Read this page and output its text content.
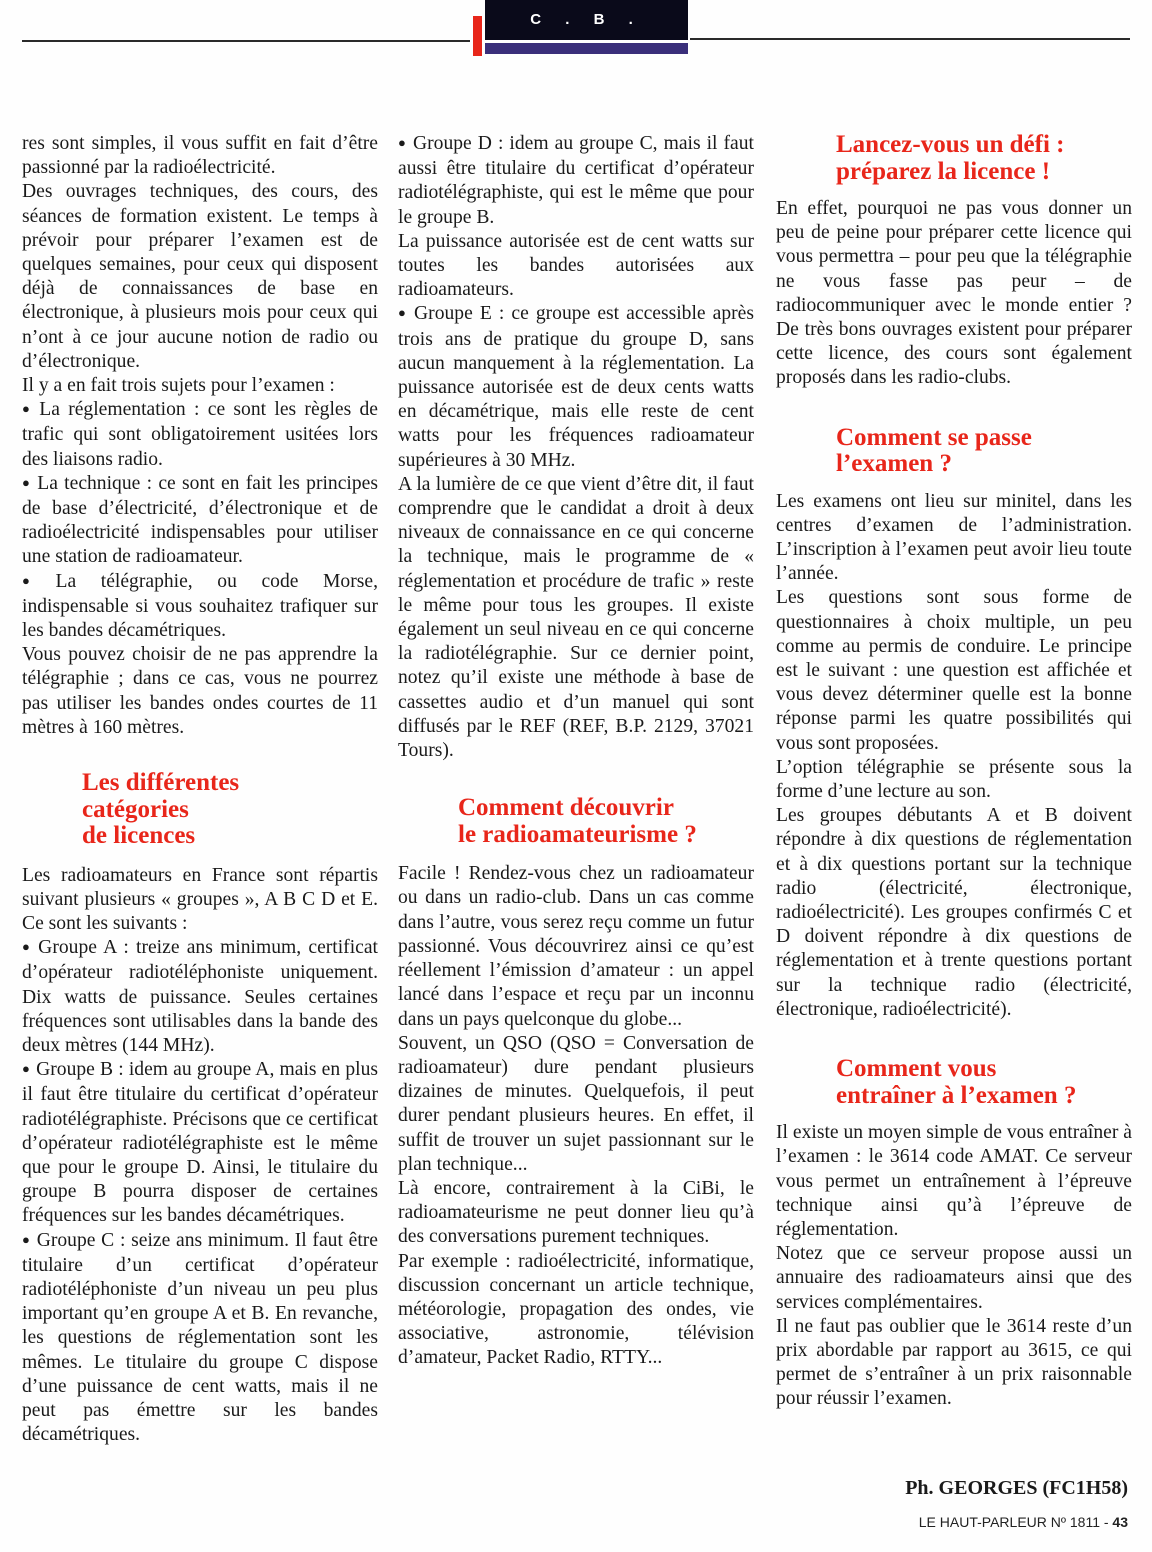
C . B .

res sont simples, il vous suffit en fait d’être passionné par la radioélectricité.

Des ouvrages techniques, des cours, des séances de formation existent. Le temps à prévoir pour préparer l’examen est de quelques semaines, pour ceux qui disposent déjà de connaissances de base en électronique, à plusieurs mois pour ceux qui n’ont à ce jour aucune notion de radio ou d’électronique.

Il y a en fait trois sujets pour l’examen :

● La réglementation : ce sont les règles de trafic qui sont obligatoirement usitées lors des liaisons radio.

● La technique : ce sont en fait les principes de base d’électricité, d’électronique et de radioélectricité indispensables pour utiliser une station de radioamateur.

● La télégraphie, ou code Morse, indispensable si vous souhaitez trafiquer sur les bandes décamétriques.

Vous pouvez choisir de ne pas apprendre la télégraphie ; dans ce cas, vous ne pourrez pas utiliser les bandes ondes courtes de 11 mètres à 160 mètres.

Les différentes
catégories
de licences

Les radioamateurs en France sont répartis suivant plusieurs « groupes », A B C D et E. Ce sont les suivants :

● Groupe A : treize ans minimum, certificat d’opérateur radiotéléphoniste uniquement. Dix watts de puissance. Seules certaines fréquences sont utilisables dans la bande des deux mètres (144 MHz).

● Groupe B : idem au groupe A, mais en plus il faut être titulaire du certificat d’opérateur radiotélégraphiste. Précisons que ce certificat d’opérateur radiotélégraphiste est le même que pour le groupe D. Ainsi, le titulaire du groupe B pourra disposer de certaines fréquences sur les bandes décamétriques.

● Groupe C : seize ans minimum. Il faut être titulaire d’un certificat d’opérateur radiotéléphoniste d’un niveau un peu plus important qu’en groupe A et B. En revanche, les questions de réglementation sont les mêmes. Le titulaire du groupe C dispose d’une puissance de cent watts, mais il ne peut pas émettre sur les bandes décamétriques.

● Groupe D : idem au groupe C, mais il faut aussi être titulaire du certificat d’opérateur radiotélégraphiste, qui est le même que pour le groupe B.

La puissance autorisée est de cent watts sur toutes les bandes autorisées aux radioamateurs.

● Groupe E : ce groupe est accessible après trois ans de pratique du groupe D, sans aucun manquement à la réglementation. La puissance autorisée est de deux cents watts en décamétrique, mais elle reste de cent watts pour les fréquences radioamateur supérieures à 30 MHz.

A la lumière de ce que vient d’être dit, il faut comprendre que le candidat a droit à deux niveaux de connaissance en ce qui concerne la technique, mais le programme de « réglementation et procédure de trafic » reste le même pour tous les groupes. Il existe également un seul niveau en ce qui concerne la radiotélégraphie. Sur ce dernier point, notez qu’il existe une méthode à base de cassettes audio et d’un manuel qui sont diffusés par le REF (REF, B.P. 2129, 37021 Tours).

Comment découvrir
le radioamateurisme ?

Facile ! Rendez-vous chez un radioamateur ou dans un radio-club. Dans un cas comme dans l’autre, vous serez reçu comme un futur passionné. Vous découvrirez ainsi ce qu’est réellement l’émission d’amateur : un appel lancé dans l’espace et reçu par un inconnu dans un pays quelconque du globe...

Souvent, un QSO (QSO = Conversation de radioamateur) dure pendant plusieurs dizaines de minutes. Quelquefois, il peut durer pendant plusieurs heures. En effet, il suffit de trouver un sujet passionnant sur le plan technique...

Là encore, contrairement à la CiBi, le radioamateurisme ne peut donner lieu qu’à des conversations purement techniques.

Par exemple : radioélectricité, informatique, discussion concernant un article technique, météorologie, propagation des ondes, vie associative, astronomie, télévision d’amateur, Packet Radio, RTTY...

Lancez-vous un défi :
préparez la licence !

En effet, pourquoi ne pas vous donner un peu de peine pour préparer cette licence qui vous permettra – pour peu que la télégraphie ne vous fasse pas peur – de radiocommuniquer avec le monde entier ? De très bons ouvrages existent pour préparer cette licence, des cours sont également proposés dans les radio-clubs.

Comment se passe
l’examen ?

Les examens ont lieu sur minitel, dans les centres d’examen de l’administration. L’inscription à l’examen peut avoir lieu toute l’année.

Les questions sont sous forme de questionnaires à choix multiple, un peu comme au permis de conduire. Le principe est le suivant : une question est affichée et vous devez déterminer quelle est la bonne réponse parmi les quatre possibilités qui vous sont proposées.

L’option télégraphie se présente sous la forme d’une lecture au son.

Les groupes débutants A et B doivent répondre à dix questions de réglementation et à dix questions portant sur la technique radio (électricité, électronique, radioélectricité). Les groupes confirmés C et D doivent répondre à dix questions de réglementation et à trente questions portant sur la technique radio (électricité, électronique, radioélectricité).

Comment vous
entraîner à l’examen ?

Il existe un moyen simple de vous entraîner à l’examen : le 3614 code AMAT. Ce serveur vous permet un entraînement à l’épreuve technique ainsi qu’à l’épreuve de réglementation.

Notez que ce serveur propose aussi un annuaire des radioamateurs ainsi que des services complémentaires.

Il ne faut pas oublier que le 3614 reste d’un prix abordable par rapport au 3615, ce qui permet de s’entraîner à un prix raisonnable pour réussir l’examen.

Ph. GEORGES (FC1H58)
LE HAUT-PARLEUR Nº 1811 - 43
